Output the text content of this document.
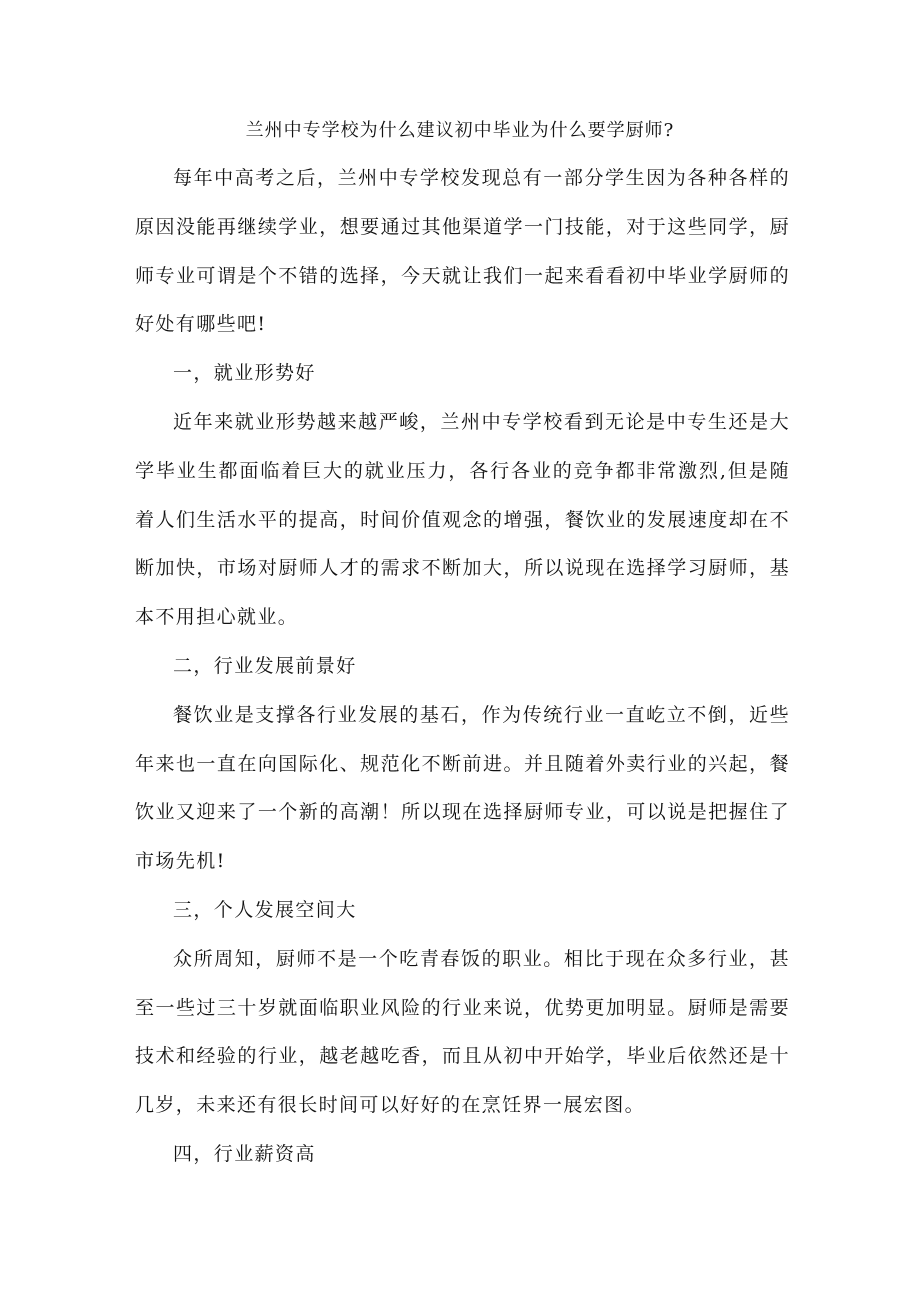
兰州中专学校为什么建议初中毕业为什么要学厨师?

每年中高考之后，兰州中专学校发现总有一部分学生因为各种各样的原因没能再继续学业，想要通过其他渠道学一门技能，对于这些同学，厨师专业可谓是个不错的选择，今天就让我们一起来看看初中毕业学厨师的好处有哪些吧!

一，就业形势好

近年来就业形势越来越严峻，兰州中专学校看到无论是中专生还是大学毕业生都面临着巨大的就业压力，各行各业的竞争都非常激烈,但是随着人们生活水平的提高，时间价值观念的增强，餐饮业的发展速度却在不断加快，市场对厨师人才的需求不断加大，所以说现在选择学习厨师，基本不用担心就业。

二，行业发展前景好

餐饮业是支撑各行业发展的基石，作为传统行业一直屹立不倒，近些年来也一直在向国际化、规范化不断前进。并且随着外卖行业的兴起，餐饮业又迎来了一个新的高潮！所以现在选择厨师专业，可以说是把握住了市场先机!

三，个人发展空间大

众所周知，厨师不是一个吃青春饭的职业。相比于现在众多行业，甚至一些过三十岁就面临职业风险的行业来说，优势更加明显。厨师是需要技术和经验的行业，越老越吃香，而且从初中开始学，毕业后依然还是十几岁，未来还有很长时间可以好好的在烹饪界一展宏图。

四，行业薪资高
